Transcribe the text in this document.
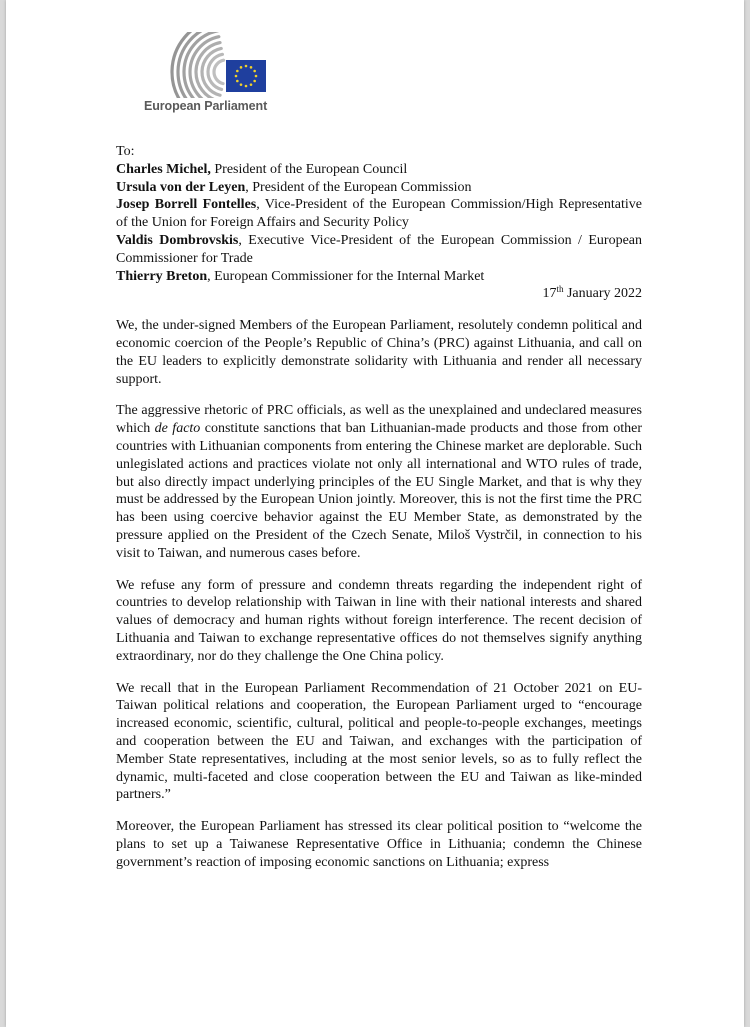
European Parliament

To:

Charles Michel, President of the European Council

Ursula von der Leyen, President of the European Commission

Josep Borrell Fontelles, Vice-President of the European Commission/High Representative of the Union for Foreign Affairs and Security Policy

Valdis Dombrovskis, Executive Vice-President of the European Commission / European Commissioner for Trade

Thierry Breton, European Commissioner for the Internal Market

17th January 2022

We, the under-signed Members of the European Parliament, resolutely condemn political and economic coercion of the People’s Republic of China’s (PRC) against Lithuania, and call on the EU leaders to explicitly demonstrate solidarity with Lithuania and render all necessary support.

The aggressive rhetoric of PRC officials, as well as the unexplained and undeclared measures which de facto constitute sanctions that ban Lithuanian-made products and those from other countries with Lithuanian components from entering the Chinese market are deplorable. Such unlegislated actions and practices violate not only all international and WTO rules of trade, but also directly impact underlying principles of the EU Single Market, and that is why they must be addressed by the European Union jointly. Moreover, this is not the first time the PRC has been using coercive behavior against the EU Member State, as demonstrated by the pressure applied on the President of the Czech Senate, Miloš Vystrčil, in connection to his visit to Taiwan, and numerous cases before.

We refuse any form of pressure and condemn threats regarding the independent right of countries to develop relationship with Taiwan in line with their national interests and shared values of democracy and human rights without foreign interference. The recent decision of Lithuania and Taiwan to exchange representative offices do not themselves signify anything extraordinary, nor do they challenge the One China policy.

We recall that in the European Parliament Recommendation of 21 October 2021 on EU-Taiwan political relations and cooperation, the European Parliament urged to “encourage increased economic, scientific, cultural, political and people-to-people exchanges, meetings and cooperation between the EU and Taiwan, and exchanges with the participation of Member State representatives, including at the most senior levels, so as to fully reflect the dynamic, multi-faceted and close cooperation between the EU and Taiwan as like-minded partners.”

Moreover, the European Parliament has stressed its clear political position to “welcome the plans to set up a Taiwanese Representative Office in Lithuania; condemn the Chinese government’s reaction of imposing economic sanctions on Lithuania; express
